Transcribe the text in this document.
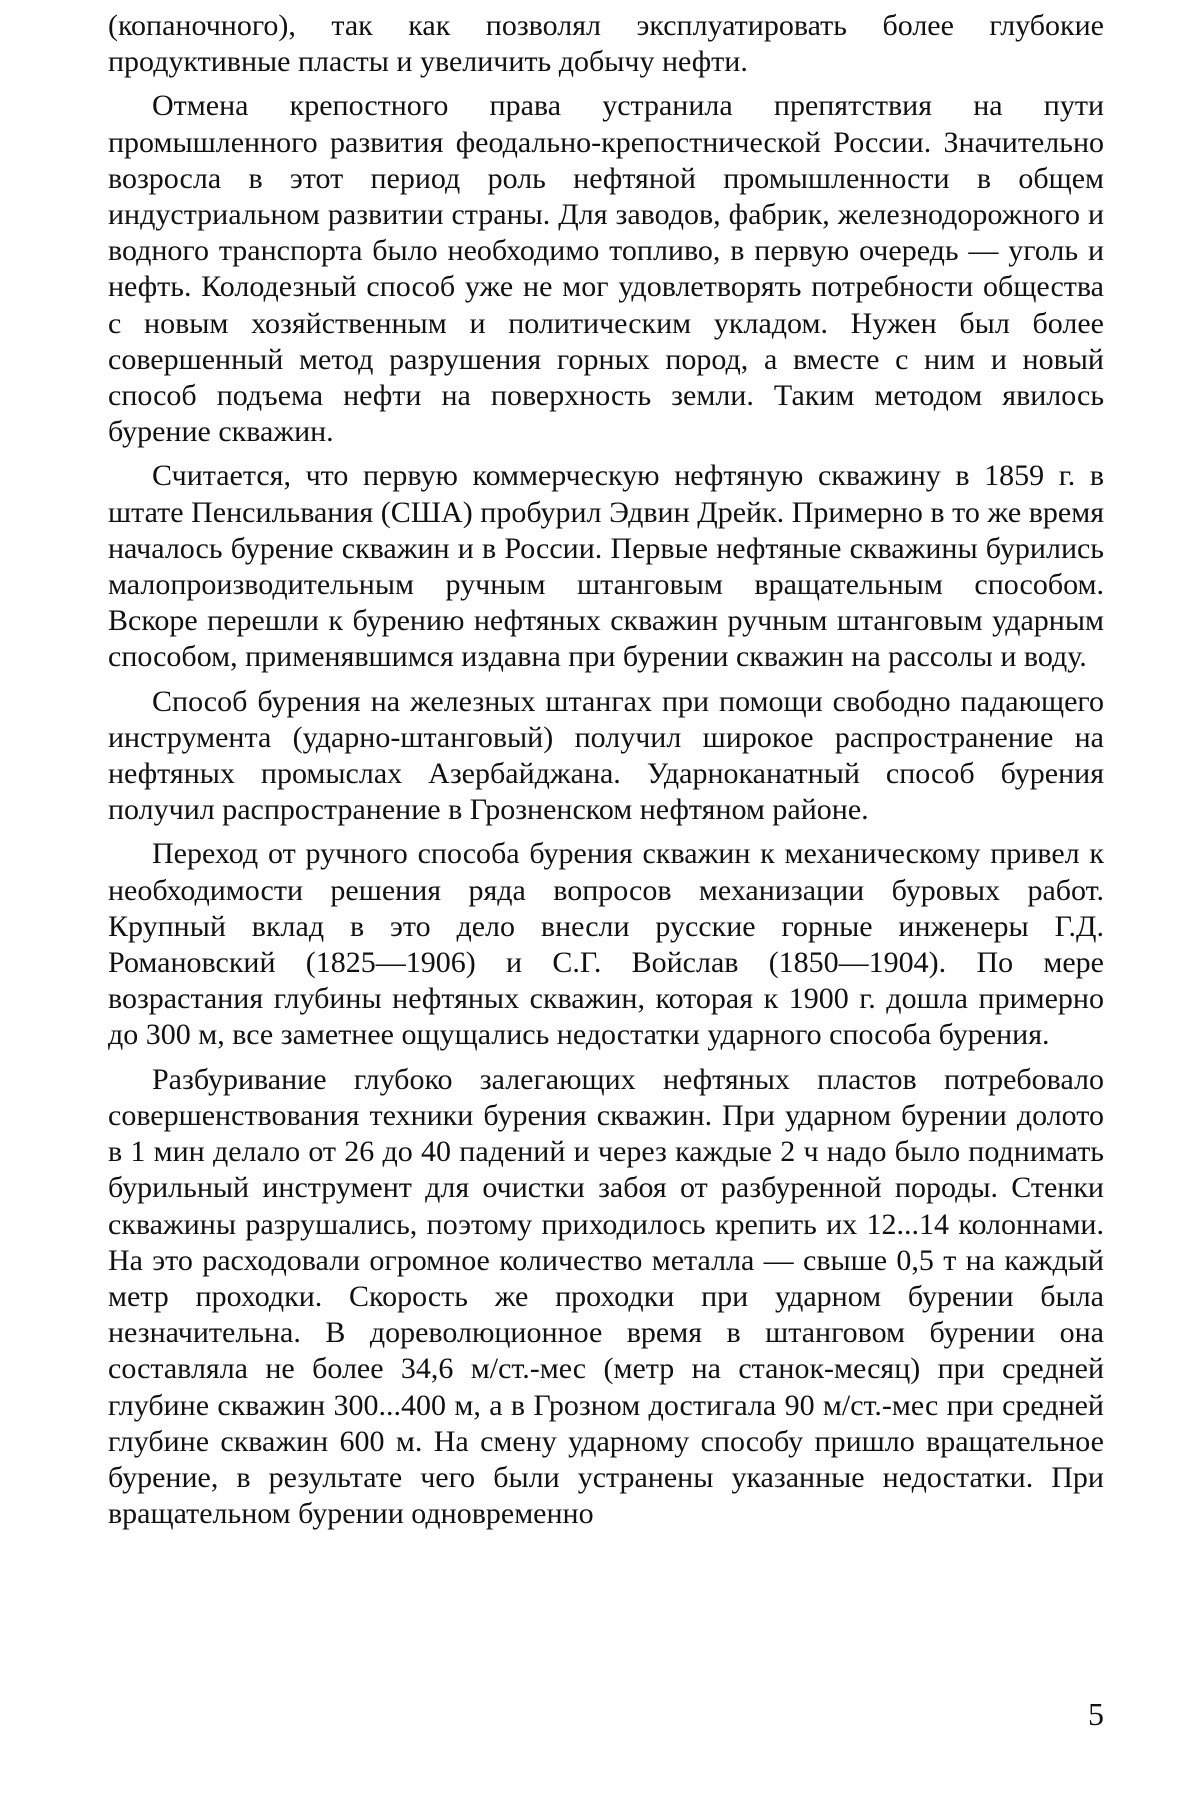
(копаночного), так как позволял эксплуатировать более глубокие продуктивные пласты и увеличить добычу нефти.

Отмена крепостного права устранила препятствия на пути промышленного развития феодально-крепостнической России. Значительно возросла в этот период роль нефтяной промышленности в общем индустриальном развитии страны. Для заводов, фабрик, железнодорожного и водного транспорта было необходимо топливо, в первую очередь — уголь и нефть. Колодезный способ уже не мог удовлетворять потребности общества с новым хозяйственным и политическим укладом. Нужен был более совершенный метод разрушения горных пород, а вместе с ним и новый способ подъема нефти на поверхность земли. Таким методом явилось бурение скважин.

Считается, что первую коммерческую нефтяную скважину в 1859 г. в штате Пенсильвания (США) пробурил Эдвин Дрейк. Примерно в то же время началось бурение скважин и в России. Первые нефтяные скважины бурились малопроизводительным ручным штанговым вращательным способом. Вскоре перешли к бурению нефтяных скважин ручным штанговым ударным способом, применявшимся издавна при бурении скважин на рассолы и воду.

Способ бурения на железных штангах при помощи свободно падающего инструмента (ударно-штанговый) получил широкое распространение на нефтяных промыслах Азербайджана. Ударноканатный способ бурения получил распространение в Грозненском нефтяном районе.

Переход от ручного способа бурения скважин к механическому привел к необходимости решения ряда вопросов механизации буровых работ. Крупный вклад в это дело внесли русские горные инженеры Г.Д. Романовский (1825—1906) и С.Г. Войслав (1850—1904). По мере возрастания глубины нефтяных скважин, которая к 1900 г. дошла примерно до 300 м, все заметнее ощущались недостатки ударного способа бурения.

Разбуривание глубоко залегающих нефтяных пластов потребовало совершенствования техники бурения скважин. При ударном бурении долото в 1 мин делало от 26 до 40 падений и через каждые 2 ч надо было поднимать бурильный инструмент для очистки забоя от разбуренной породы. Стенки скважины разрушались, поэтому приходилось крепить их 12...14 колоннами. На это расходовали огромное количество металла — свыше 0,5 т на каждый метр проходки. Скорость же проходки при ударном бурении была незначительна. В дореволюционное время в штанговом бурении она составляла не более 34,6 м/ст.-мес (метр на станок-месяц) при средней глубине скважин 300...400 м, а в Грозном достигала 90 м/ст.-мес при средней глубине скважин 600 м. На смену ударному способу пришло вращательное бурение, в результате чего были устранены указанные недостатки. При вращательном бурении одновременно

5
